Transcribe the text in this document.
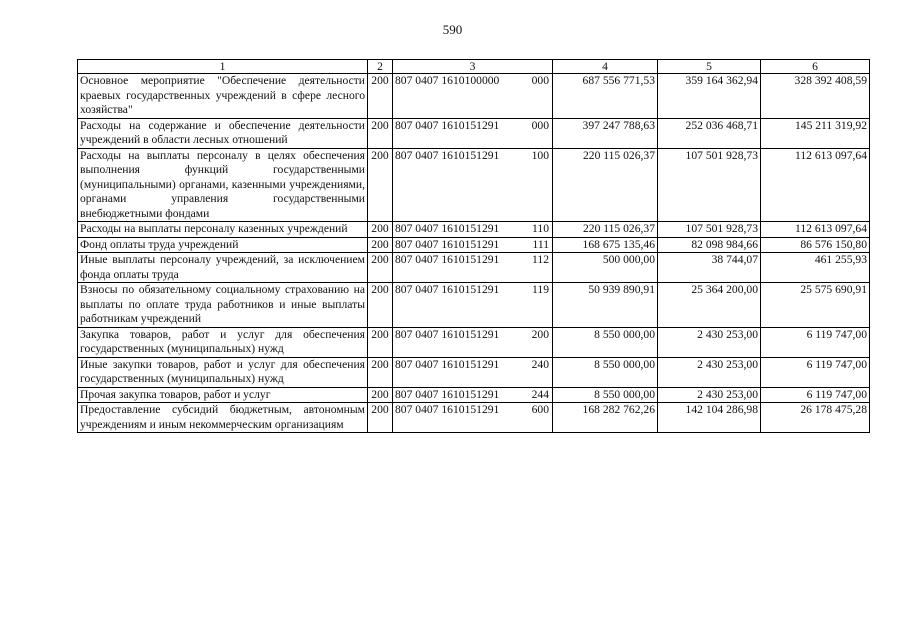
590
1	2	3	4	5	6
Основное мероприятие "Обеспечение деятельности краевых государственных учреждений в сфере лесного хозяйства"	200	807 0407 1610100000 000	687 556 771,53	359 164 362,94	328 392 408,59
Расходы на содержание и обеспечение деятельности учреждений в области лесных отношений	200	807 0407 1610151291 000	397 247 788,63	252 036 468,71	145 211 319,92
Расходы на выплаты персоналу в целях обеспечения выполнения функций государственными (муниципальными) органами, казенными учреждениями, органами управления государственными внебюджетными фондами	200	807 0407 1610151291 100	220 115 026,37	107 501 928,73	112 613 097,64
Расходы на выплаты персоналу казенных учреждений	200	807 0407 1610151291 110	220 115 026,37	107 501 928,73	112 613 097,64
Фонд оплаты труда учреждений	200	807 0407 1610151291 111	168 675 135,46	82 098 984,66	86 576 150,80
Иные выплаты персоналу учреждений, за исключением фонда оплаты труда	200	807 0407 1610151291 112	500 000,00	38 744,07	461 255,93
Взносы по обязательному социальному страхованию на выплаты по оплате труда работников и иные выплаты работникам учреждений	200	807 0407 1610151291 119	50 939 890,91	25 364 200,00	25 575 690,91
Закупка товаров, работ и услуг для обеспечения государственных (муниципальных) нужд	200	807 0407 1610151291 200	8 550 000,00	2 430 253,00	6 119 747,00
Иные закупки товаров, работ и услуг для обеспечения государственных (муниципальных) нужд	200	807 0407 1610151291 240	8 550 000,00	2 430 253,00	6 119 747,00
Прочая закупка товаров, работ и услуг	200	807 0407 1610151291 244	8 550 000,00	2 430 253,00	6 119 747,00
Предоставление субсидий бюджетным, автономным учреждениям и иным некоммерческим организациям	200	807 0407 1610151291 600	168 282 762,26	142 104 286,98	26 178 475,28
